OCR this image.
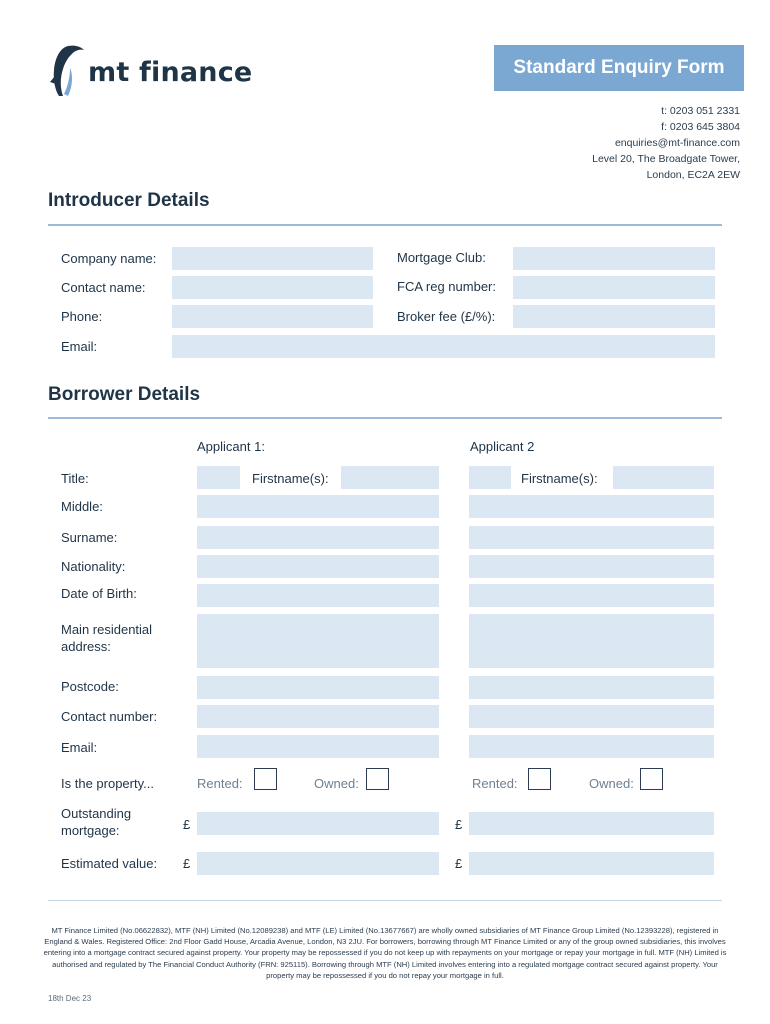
mt finance	Standard Enquiry Form
t: 0203 051 2331
f: 0203 645 3804
enquiries@mt-finance.com
Level 20, The Broadgate Tower,
London, EC2A 2EW
Introducer Details
Company name:	Mortgage Club:
Contact name:	FCA reg number:
Phone:	Broker fee (£/%):
Email:
Borrower Details
Applicant 1:	Applicant 2
Title:	Firstname(s):	Firstname(s):
Middle:
Surname:
Nationality:
Date of Birth:
Main residential address:
Postcode:
Contact number:
Email:
Is the property...	Rented:	Owned:	Rented:	Owned:
Outstanding mortgage:	£	£
Estimated value: £	£
MT Finance Limited (No.06622832), MTF (NH) Limited (No.12089238) and MTF (LE) Limited (No.13677667) are wholly owned subsidiaries of MT Finance Group Limited (No.12393228), registered in England & Wales. Registered Office: 2nd Floor Gadd House, Arcadia Avenue, London, N3 2JU. For borrowers, borrowing through MT Finance Limited or any of the group owned subsidiaries, this involves entering into a mortgage contract secured against property. Your property may be repossessed if you do not keep up with repayments on your mortgage or repay your mortgage in full. MTF (NH) Limited is authorised and regulated by The Financial Conduct Authority (FRN: 925115). Borrowing through MTF (NH) Limited involves entering into a regulated mortgage contract secured against property. Your property may be repossessed if you do not repay your mortgage in full.
18th Dec 23
